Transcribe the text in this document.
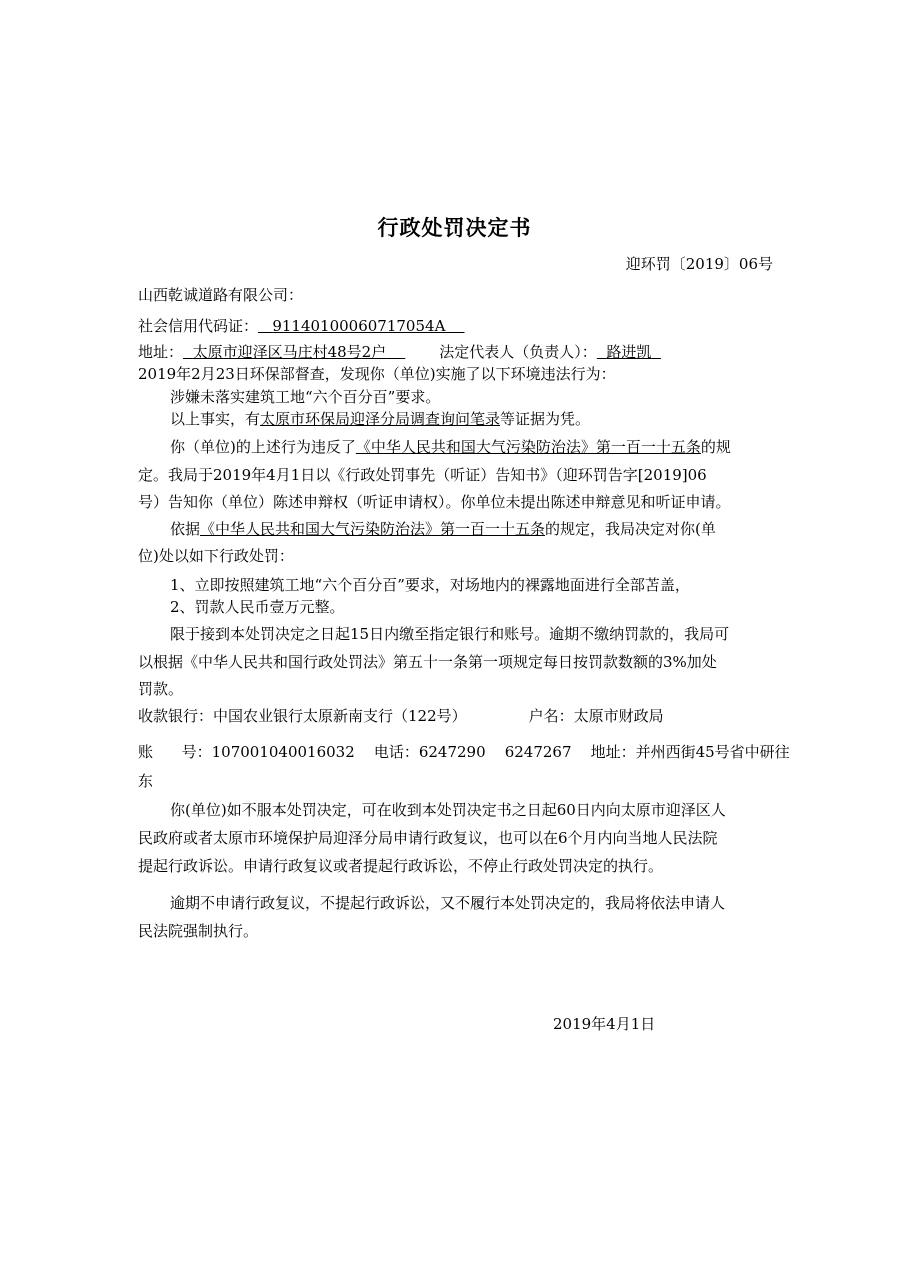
行政处罚决定书
迎环罚〔2019〕06号
山西乾诚道路有限公司：
社会信用代码证： 91140100060717054A
地址： 太原市迎泽区马庄村48号2户	法定代表人（负责人）： 路进凯
2019年2月23日环保部督查，发现你（单位)实施了以下环境违法行为：
涉嫌未落实建筑工地“六个百分百”要求。
以上事实，有太原市环保局迎泽分局调查询问笔录等证据为凭。
你（单位)的上述行为违反了《中华人民共和国大气污染防治法》第一百一十五条的规
定。我局于2019年4月1日以《行政处罚事先（听证）告知书》（迎环罚告字[2019]06
号）告知你（单位）陈述申辩权（听证申请权）。你单位未提出陈述申辩意见和听证申请。
依据《中华人民共和国大气污染防治法》第一百一十五条的规定，我局决定对你(单
位)处以如下行政处罚：
1、立即按照建筑工地“六个百分百”要求，对场地内的裸露地面进行全部苫盖，
2、罚款人民币壹万元整。
限于接到本处罚决定之日起15日内缴至指定银行和账号。逾期不缴纳罚款的，我局可
以根据《中华人民共和国行政处罚法》第五十一条第一项规定每日按罚款数额的3%加处
罚款。
收款银行：中国农业银行太原新南支行（122号）	户名：太原市财政局
账      号：107001040016032    电话：6247290    6247267    地址：并州西街45号省中研往
东
你(单位)如不服本处罚决定，可在收到本处罚决定书之日起60日内向太原市迎泽区人
民政府或者太原市环境保护局迎泽分局申请行政复议，也可以在6个月内向当地人民法院
提起行政诉讼。申请行政复议或者提起行政诉讼，不停止行政处罚决定的执行。
逾期不申请行政复议，不提起行政诉讼，又不履行本处罚决定的，我局将依法申请人
民法院强制执行。
2019年4月1日
